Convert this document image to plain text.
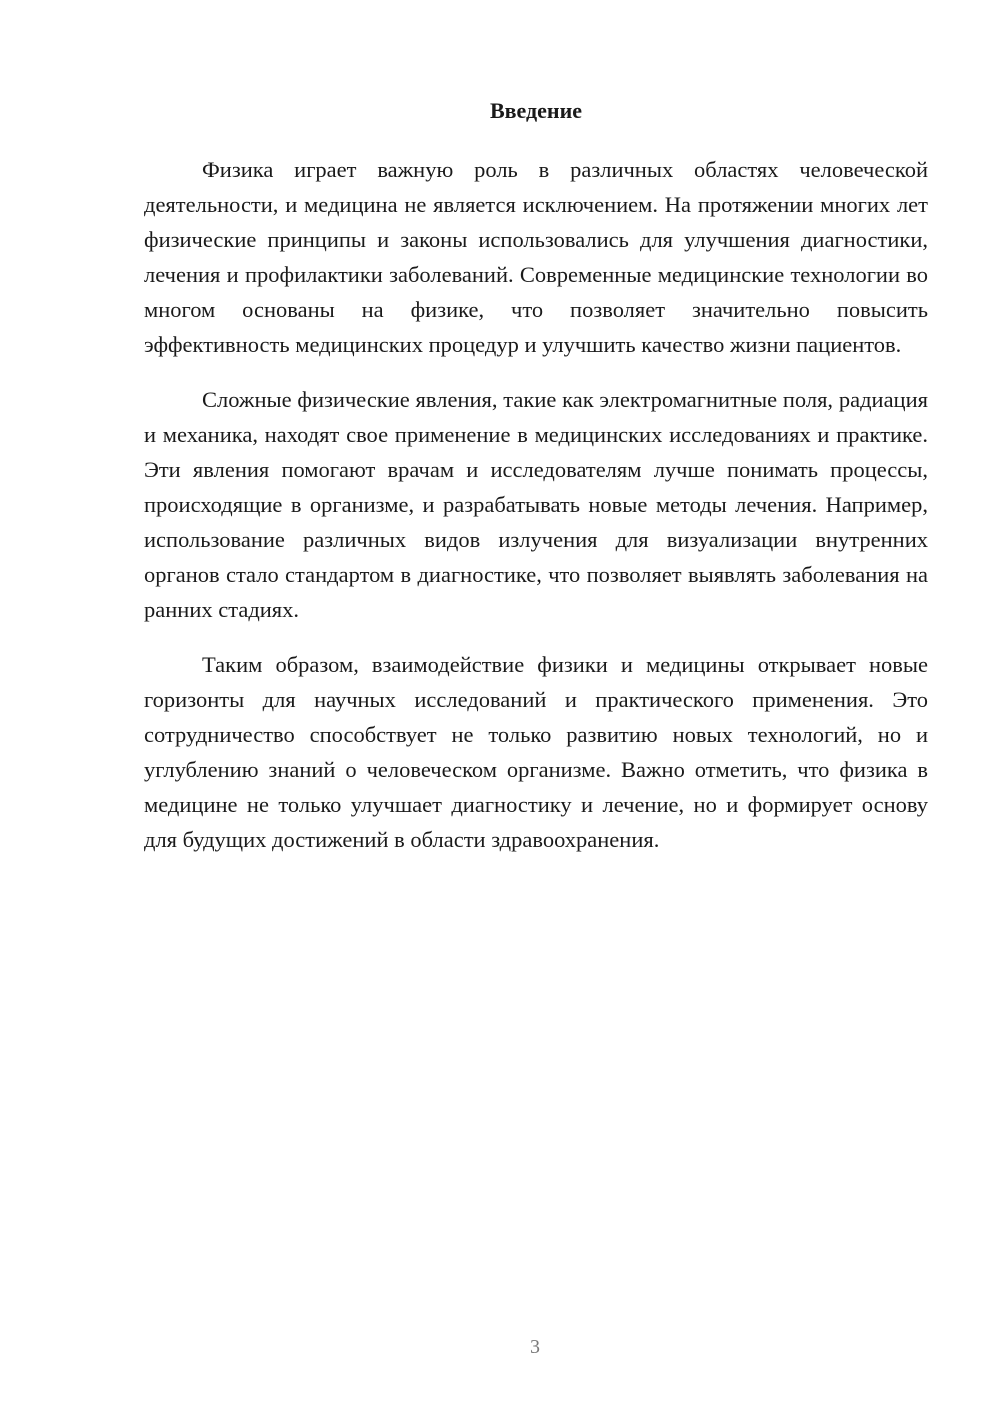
Введение

Физика играет важную роль в различных областях человеческой деятельности, и медицина не является исключением. На протяжении многих лет физические принципы и законы использовались для улучшения диагностики, лечения и профилактики заболеваний. Современные медицинские технологии во многом основаны на физике, что позволяет значительно повысить эффективность медицинских процедур и улучшить качество жизни пациентов.

Сложные физические явления, такие как электромагнитные поля, радиация и механика, находят свое применение в медицинских исследованиях и практике. Эти явления помогают врачам и исследователям лучше понимать процессы, происходящие в организме, и разрабатывать новые методы лечения. Например, использование различных видов излучения для визуализации внутренних органов стало стандартом в диагностике, что позволяет выявлять заболевания на ранних стадиях.

Таким образом, взаимодействие физики и медицины открывает новые горизонты для научных исследований и практического применения. Это сотрудничество способствует не только развитию новых технологий, но и углублению знаний о человеческом организме. Важно отметить, что физика в медицине не только улучшает диагностику и лечение, но и формирует основу для будущих достижений в области здравоохранения.

3
